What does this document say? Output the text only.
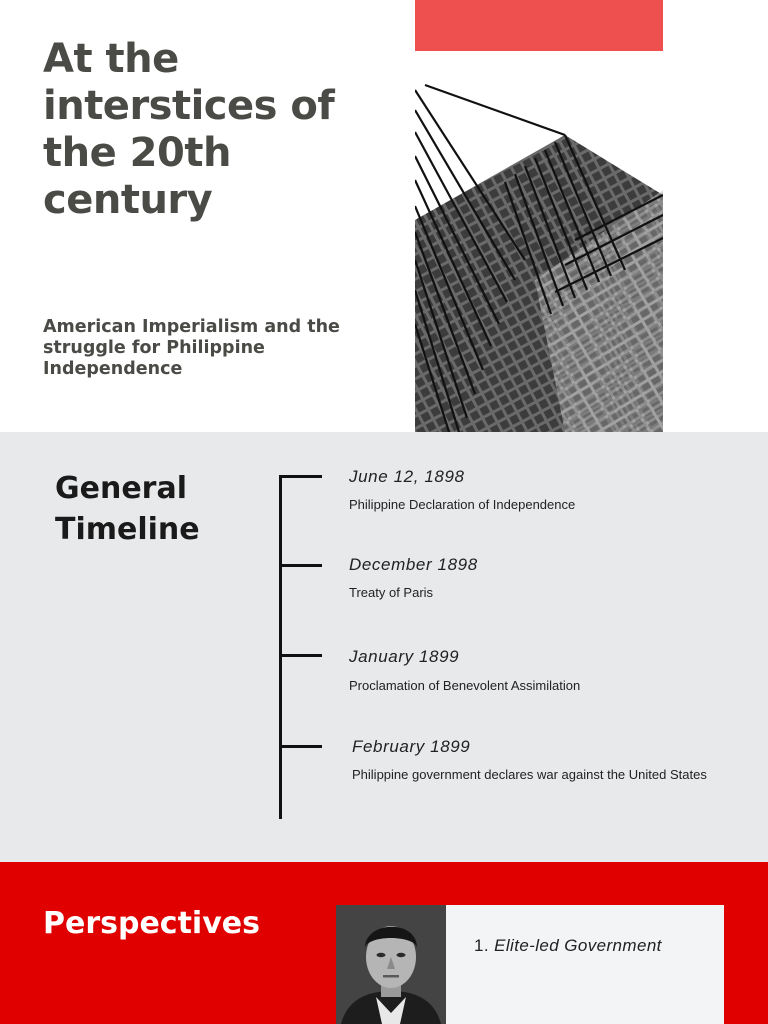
At the interstices of the 20th century
American Imperialism and the struggle for Philippine Independence
General Timeline
June 12, 1898
Philippine Declaration of Independence
December 1898
Treaty of Paris
January 1899
Proclamation of Benevolent Assimilation
February 1899
Philippine government declares war against the United States
Perspectives
1. Elite-led Government
